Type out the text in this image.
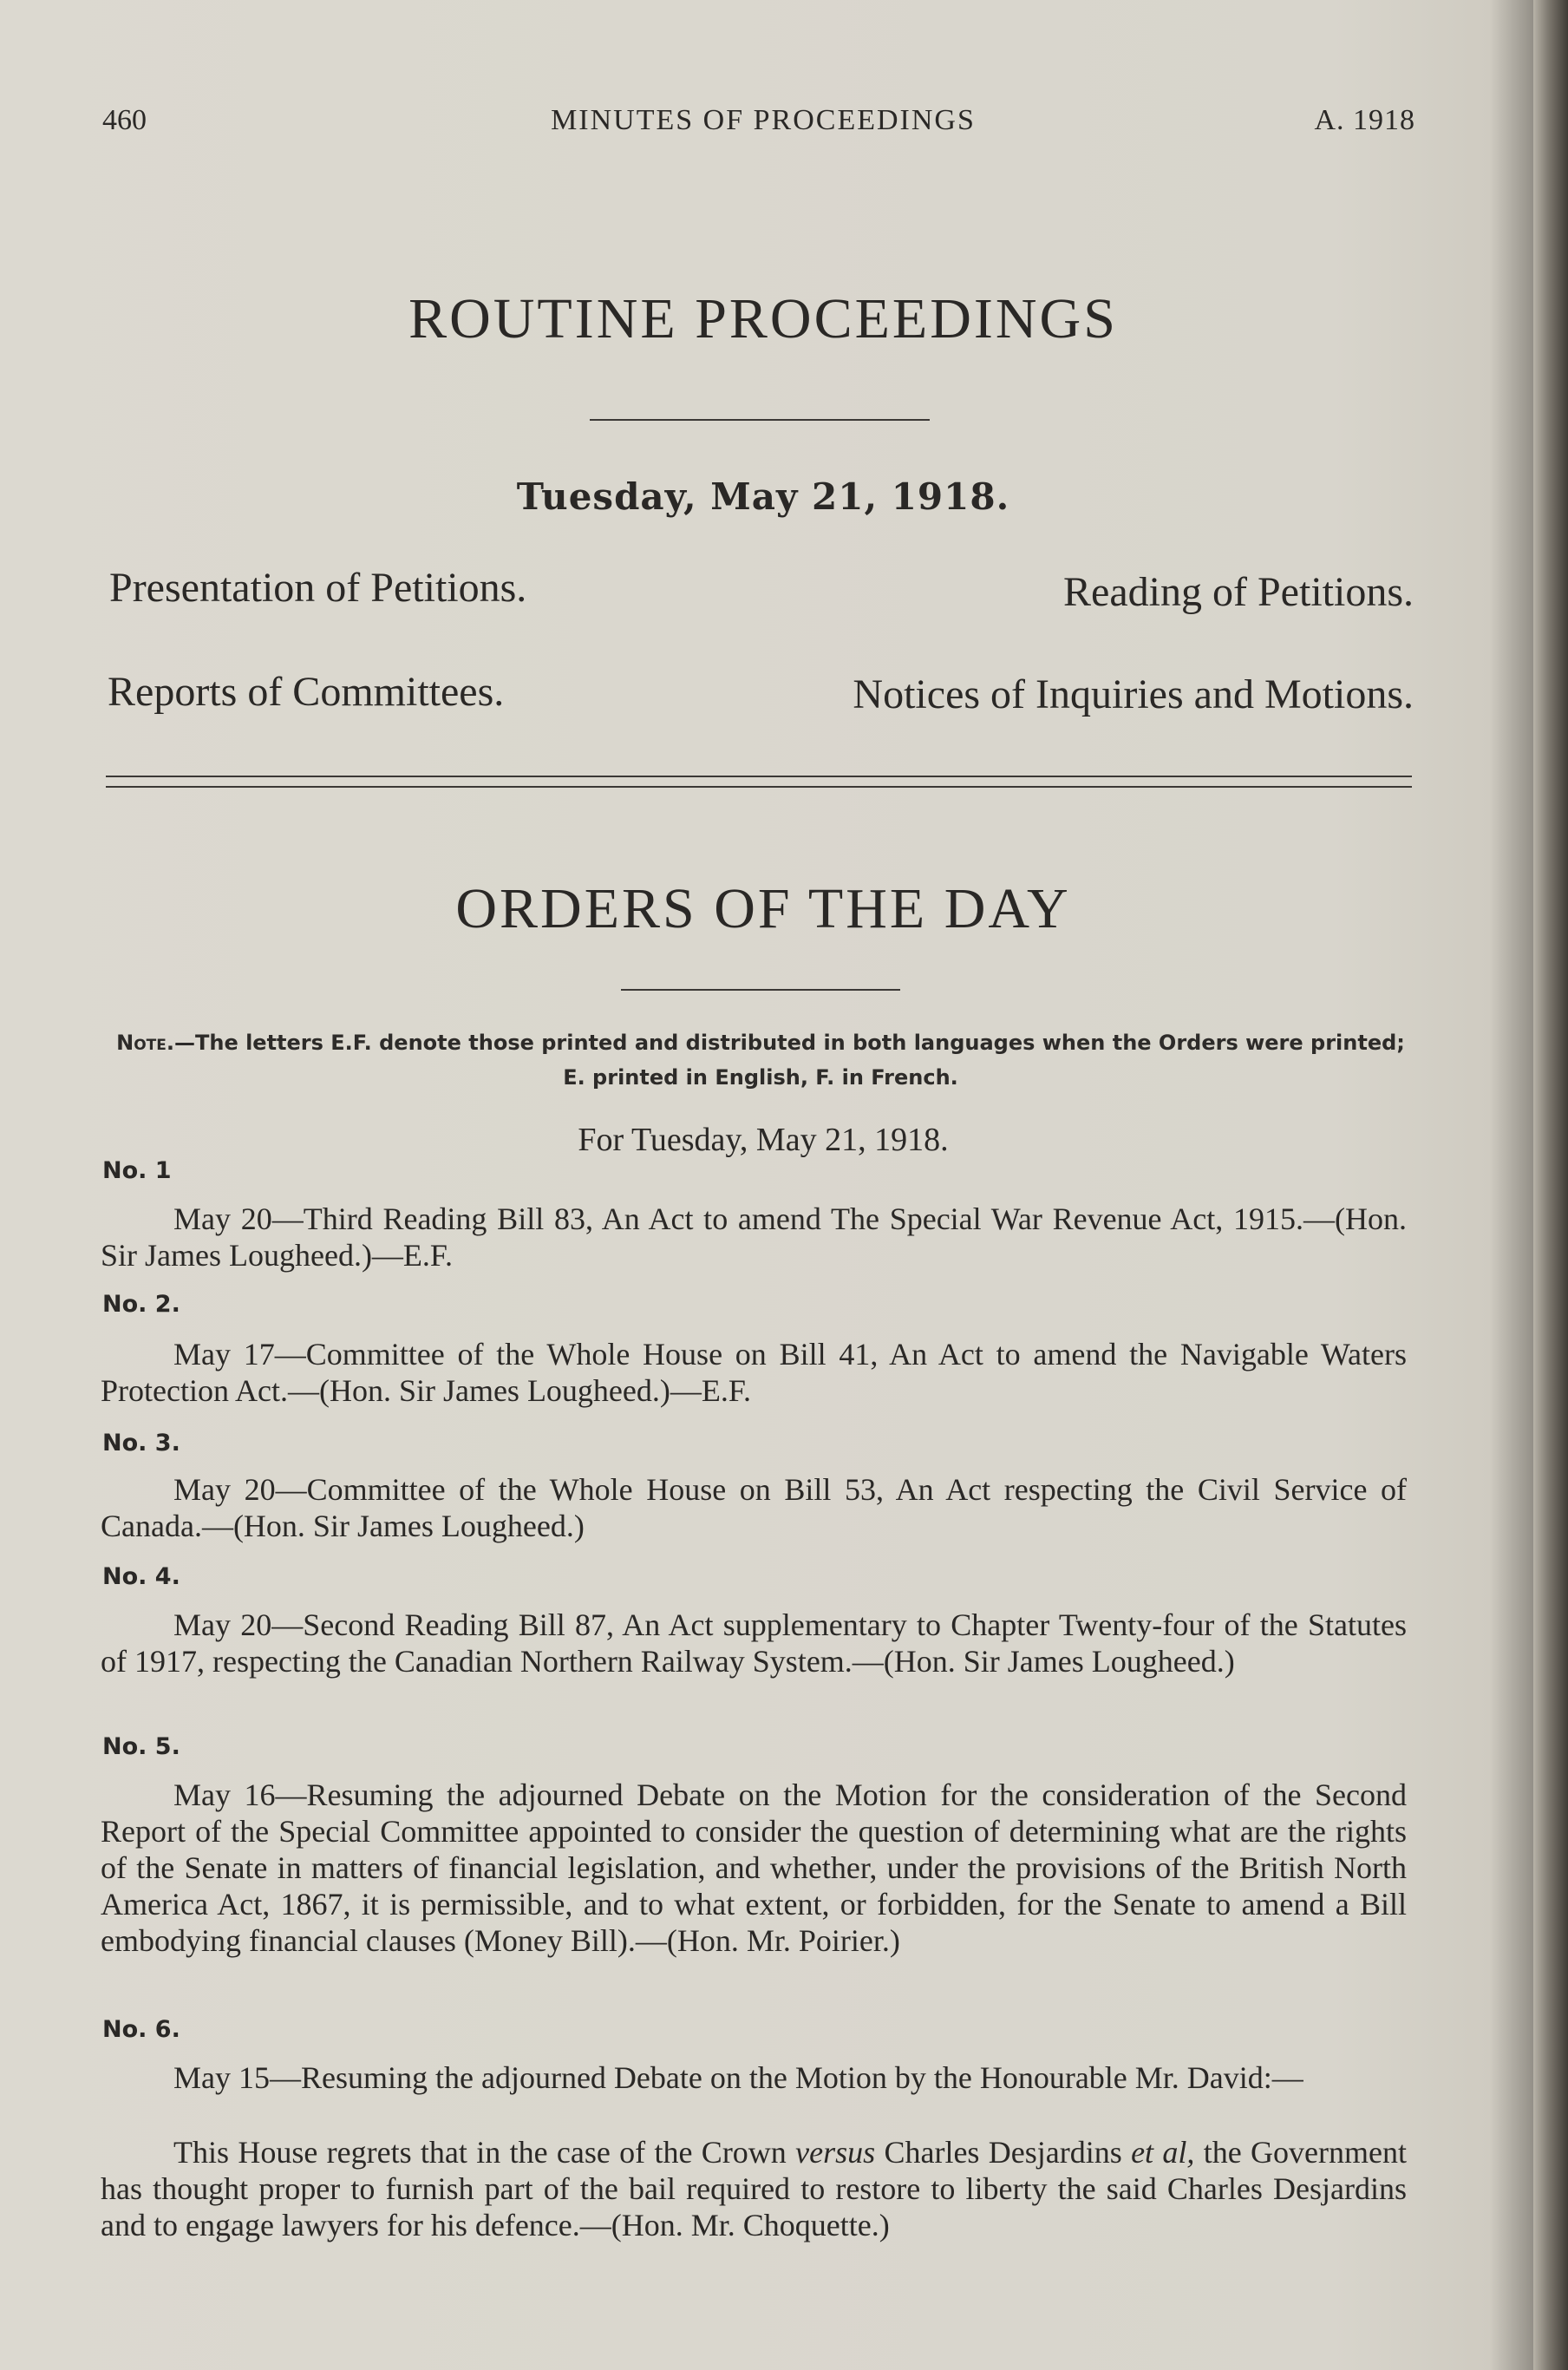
460	MINUTES OF PROCEEDINGS	A. 1918
ROUTINE PROCEEDINGS
Tuesday, May 21, 1918.
Presentation of Petitions.	Reading of Petitions.
Reports of Committees.	Notices of Inquiries and Motions.
ORDERS OF THE DAY
Note.—The letters E.F. denote those printed and distributed in both languages when the Orders were printed; E. printed in English, F. in French.
For Tuesday, May 21, 1918.
No. 1
May 20—Third Reading Bill 83, An Act to amend The Special War Revenue Act, 1915.—(Hon. Sir James Lougheed.)—E.F.
No. 2.
May 17—Committee of the Whole House on Bill 41, An Act to amend the Navigable Waters Protection Act.—(Hon. Sir James Lougheed.)—E.F.
No. 3.
May 20—Committee of the Whole House on Bill 53, An Act respecting the Civil Service of Canada.—(Hon. Sir James Lougheed.)
No. 4.
May 20—Second Reading Bill 87, An Act supplementary to Chapter Twenty-four of the Statutes of 1917, respecting the Canadian Northern Railway System.—(Hon. Sir James Lougheed.)
No. 5.
May 16—Resuming the adjourned Debate on the Motion for the consideration of the Second Report of the Special Committee appointed to consider the question of determining what are the rights of the Senate in matters of financial legislation, and whether, under the provisions of the British North America Act, 1867, it is permissible, and to what extent, or forbidden, for the Senate to amend a Bill embodying financial clauses (Money Bill).—(Hon. Mr. Poirier.)
No. 6.
May 15—Resuming the adjourned Debate on the Motion by the Honourable Mr. David:—
This House regrets that in the case of the Crown versus Charles Desjardins et al, the Government has thought proper to furnish part of the bail required to restore to liberty the said Charles Desjardins and to engage lawyers for his defence.—(Hon. Mr. Choquette.)
